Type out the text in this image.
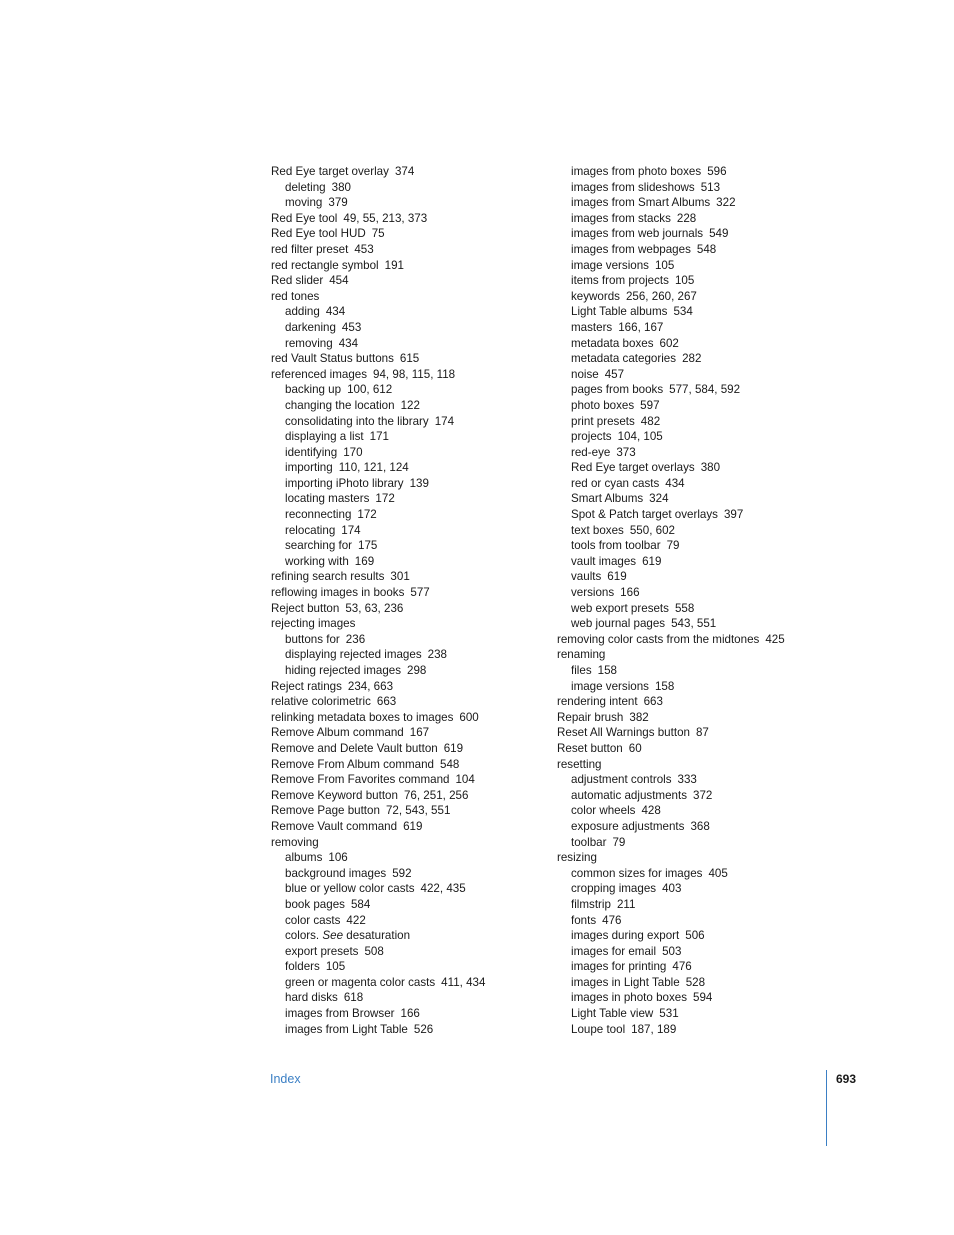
Red Eye target overlay 374
deleting 380
moving 379
Red Eye tool 49, 55, 213, 373
Red Eye tool HUD 75
red filter preset 453
red rectangle symbol 191
Red slider 454
red tones
adding 434
darkening 453
removing 434
red Vault Status buttons 615
referenced images 94, 98, 115, 118
backing up 100, 612
changing the location 122
consolidating into the library 174
displaying a list 171
identifying 170
importing 110, 121, 124
importing iPhoto library 139
locating masters 172
reconnecting 172
relocating 174
searching for 175
working with 169
refining search results 301
reflowing images in books 577
Reject button 53, 63, 236
rejecting images
buttons for 236
displaying rejected images 238
hiding rejected images 298
Reject ratings 234, 663
relative colorimetric 663
relinking metadata boxes to images 600
Remove Album command 167
Remove and Delete Vault button 619
Remove From Album command 548
Remove From Favorites command 104
Remove Keyword button 76, 251, 256
Remove Page button 72, 543, 551
Remove Vault command 619
removing
albums 106
background images 592
blue or yellow color casts 422, 435
book pages 584
color casts 422
colors. See desaturation
export presets 508
folders 105
green or magenta color casts 411, 434
hard disks 618
images from Browser 166
images from Light Table 526
images from photo boxes 596
images from slideshows 513
images from Smart Albums 322
images from stacks 228
images from web journals 549
images from webpages 548
image versions 105
items from projects 105
keywords 256, 260, 267
Light Table albums 534
masters 166, 167
metadata boxes 602
metadata categories 282
noise 457
pages from books 577, 584, 592
photo boxes 597
print presets 482
projects 104, 105
red-eye 373
Red Eye target overlays 380
red or cyan casts 434
Smart Albums 324
Spot & Patch target overlays 397
text boxes 550, 602
tools from toolbar 79
vault images 619
vaults 619
versions 166
web export presets 558
web journal pages 543, 551
removing color casts from the midtones 425
renaming
files 158
image versions 158
rendering intent 663
Repair brush 382
Reset All Warnings button 87
Reset button 60
resetting
adjustment controls 333
automatic adjustments 372
color wheels 428
exposure adjustments 368
toolbar 79
resizing
common sizes for images 405
cropping images 403
filmstrip 211
fonts 476
images during export 506
images for email 503
images for printing 476
images in Light Table 528
images in photo boxes 594
Light Table view 531
Loupe tool 187, 189
Index	693
